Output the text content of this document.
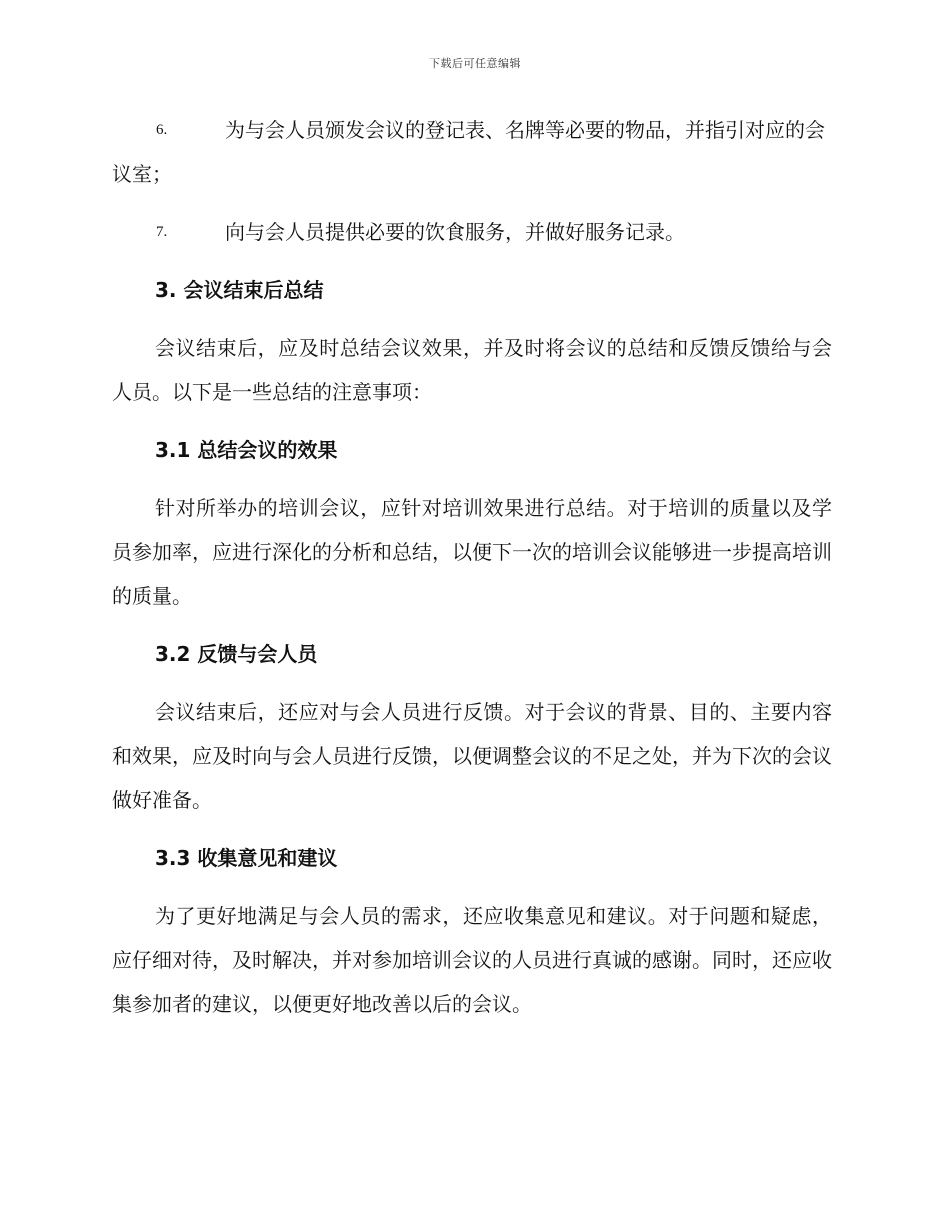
下载后可任意编辑
6.	为与会人员颁发会议的登记表、名牌等必要的物品，并指引对应的会议室；
7.	向与会人员提供必要的饮食服务，并做好服务记录。
3. 会议结束后总结
会议结束后，应及时总结会议效果，并及时将会议的总结和反馈反馈给与会人员。以下是一些总结的注意事项：
3.1 总结会议的效果
针对所举办的培训会议，应针对培训效果进行总结。对于培训的质量以及学员参加率，应进行深化的分析和总结，以便下一次的培训会议能够进一步提高培训的质量。
3.2 反馈与会人员
会议结束后，还应对与会人员进行反馈。对于会议的背景、目的、主要内容和效果，应及时向与会人员进行反馈，以便调整会议的不足之处，并为下次的会议做好准备。
3.3 收集意见和建议
为了更好地满足与会人员的需求，还应收集意见和建议。对于问题和疑虑，应仔细对待，及时解决，并对参加培训会议的人员进行真诚的感谢。同时，还应收集参加者的建议，以便更好地改善以后的会议。
